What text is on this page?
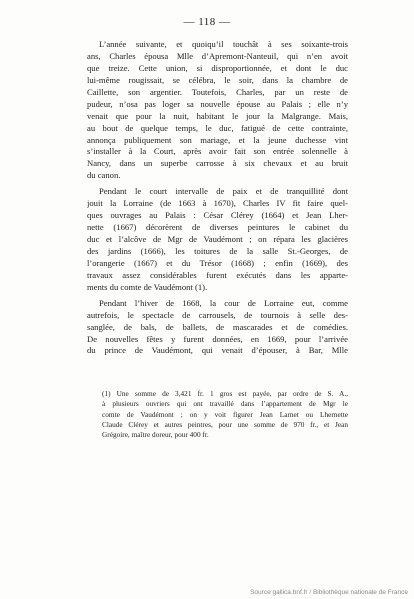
— 118 —
L’année suivante, et quoiqu’il touchât à ses soixante-trois
ans, Charles épousa Mlle d’Apremont-Nanteuil, qui n’en avoit
que treize. Cette union, si disproportionnée, et dont le duc
lui-même rougissait, se célébra, le soir, dans la chambre de
Caillette, son argentier. Toutefois, Charles, par un reste de
pudeur, n’osa pas loger sa nouvelle épouse au Palais ; elle n’y
venait que pour la nuit, habitant le jour la Malgrange. Mais,
au bout de quelque temps, le duc, fatigué de cette contrainte,
annonça publiquement son mariage, et la jeune duchesse vint
s’installer à la Court, après avoir fait son entrée solennelle à
Nancy, dans un superbe carrosse à six chevaux et au bruit
du canon.
Pendant le court intervalle de paix et de tranquillité dont
jouit la Lorraine (de 1663 à 1670), Charles IV fit faire quel-
ques ouvrages au Palais : César Clérey (1664) et Jean Lher-
nette (1667) décorèrent de diverses peintures le cabinet du
duc et l’alcôve de Mgr de Vaudémont ; on répara les glacières
des jardins (1666), les toitures de la salle St.-Georges, de
l’orangerie (1667) et du Trésor (1668) ; enfin (1669), des
travaux assez considérables furent exécutés dans les apparte-
ments du comte de Vaudémont (1).
Pendant l’hiver de 1668, la cour de Lorraine eut, comme
autrefois, le spectacle de carrousels, de tournois à selle des-
sanglée, de bals, de ballets, de mascarades et de comédies.
De nouvelles fêtes y furent données, en 1669, pour l’arrivée
du prince de Vaudémont, qui venait d’épouser, à Bar, Mlle
(1) Une somme de 3,421 fr. 1 gros est payée, par ordre de S. A.,
à plusieurs ouvriers qui ont travaillé dans l’appartement de Mgr le
comte de Vaudémont ; on y voit figurer Jean Larnet ou Lhernette
Claude Clérey et autres peintres, pour une somme de 970 fr., et Jean
Grégoire, maître doreur, pour 400 fr.
Source gallica.bnf.fr / Bibliothèque nationale de France
